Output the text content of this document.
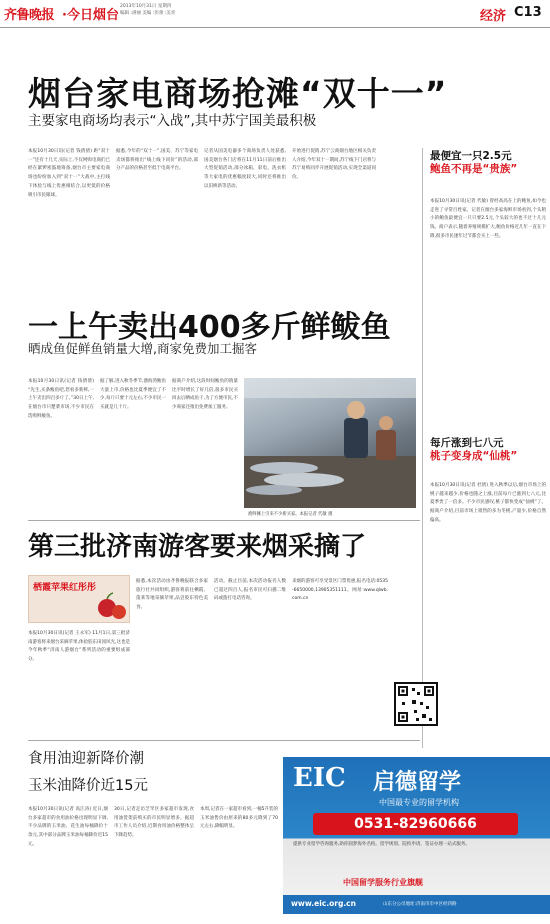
齐鲁晚报 ·今日烟台
2013年10月31日 星期四
编辑 :满丽 美编 :彭蕾 :美青	经济 C13
烟台家电商场抢滩“双十一”
主要家电商场均表示“入战”,其中苏宁国美最积极
本报10月30日讯(记者 钱倩倩) 距“双十一”还有十几天,实际上,不仅网购电商们已经在紧锣密鼓地筹备,烟台市主要家电商场也纷纷加入到“双十一”大战中,主打线下体验与线上优惠相结合,以更低的价格吸引市民眼球。
据悉,今年的“双十一”,国美、苏宁等家电卖场都将推出“线上线下同价”的活动,部分产品的价格甚至低于电商平台。
记者从国美电器多个商场负责人处获悉,国美烟台各门店将在11月11日前后推出大型促销活动,部分冰箱、彩电、洗衣机等大家电的优惠幅度较大,同时还将推出以旧换新等活动。
开始进行促销,苏宁云商烟台地区相关负责人介绍,今年双十一期间,苏宁线下门店将与苏宁易购同步开展促销活动,实现全渠道同价。
最便宜一只2.5元
鲍鱼不再是“贵族”
本报10月30日讯(记者 代敏) 曾经高高在上的鲍鱼,如今也走进了寻常百姓家。记者在烟台多家海鲜市场看到,个头稍小的鲍鱼最便宜一只只要2.5元,个头较大的也不过十几元钱。商户表示,随着养殖规模扩大,鲍鱼价格近几年一直在下降,很多市民逢年过节都会买上一些。
每斤涨到七八元
桃子变身成“仙桃”
本报10月30日讯(记者 杜倩) 进入秋季以后,烟台市场上的桃子越来越少,价格也随之上涨,目前每斤已涨到七八元,比夏季贵了一倍多。不少市民感叹,桃子都快变成“仙桃”了。据商户介绍,目前市场上销售的多为冬桃,产量少,价格自然偏高。
一上午卖出400多斤鲜鲅鱼
晒成鱼促鲜鱼销量大增,商家免费加工掘客
本报10月30日讯(记者 钱倩倩) “先生,买条鲅鱼吧,您看多新鲜,一上午卖出四百多斤了。”30日上午,在烟台市只楚菜市场,不少市民在选购鲜鲅鱼。
据了解,进入秋冬季节,渤海湾鲅鱼大量上市,价格也比夏季便宜了不少,每斤只要十元左右,不少市民一买就是几十斤。
据商户介绍,这段时间鲅鱼的销量比平时增长了好几倍,很多市民买回去后晒成鱼干,为了方便市民,不少商家还推出免费加工服务。
渔鲜摊上引来不少新买家。本报记者 代敏 摄
第三批济南游客要来烟采摘了
栖霞苹果红彤彤
本报10月30日讯(记者 王永军) 11月1日,第三批济南游客将来烟台采摘苹果,体验胶东田园风光,这也是今年秋季“济南人游烟台”系列活动的重要组成部分。
据悉,本次活动由齐鲁晚报联合多家旅行社共同组织,游客将前往栖霞、蓬莱等地采摘苹果,品尝胶东特色美食。
活动。截止目前,本次活动报名人数已超过四百人,报名市民可扫描二维码或拨打电话咨询。
来烟的游客可享受景区门票优惠,报名电话:0535-6650000,13905351111。网址:www.qlwb.com.cn
食用油迎新降价潮
玉米油降价近15元
本报10月30日讯(记者 高江涛) 近日,烟台多家超市的食用油价格出现明显下调,不少品牌的玉米油、花生油每桶降价十余元,其中部分品牌玉米油每桶降价近15元。
30日,记者走访芝罘区多家超市发现,食用油货架前购买的市民明显增多。据超市工作人员介绍,近期食用油价格整体呈下降趋势。
本周,记者在一家超市看到,一桶5升装的玉米油售价由原来的80多元降到了70元左右,降幅明显。
EIC 启德留学
中国最专业的留学机构
0531-82960666
提供专业留学咨询服务,助你圆梦海外名校。留学规划、院校申请、签证办理一站式服务。
中国留学服务行业旗舰
www.eic.org.cn	山东分公司地址:济南市市中区经四路
